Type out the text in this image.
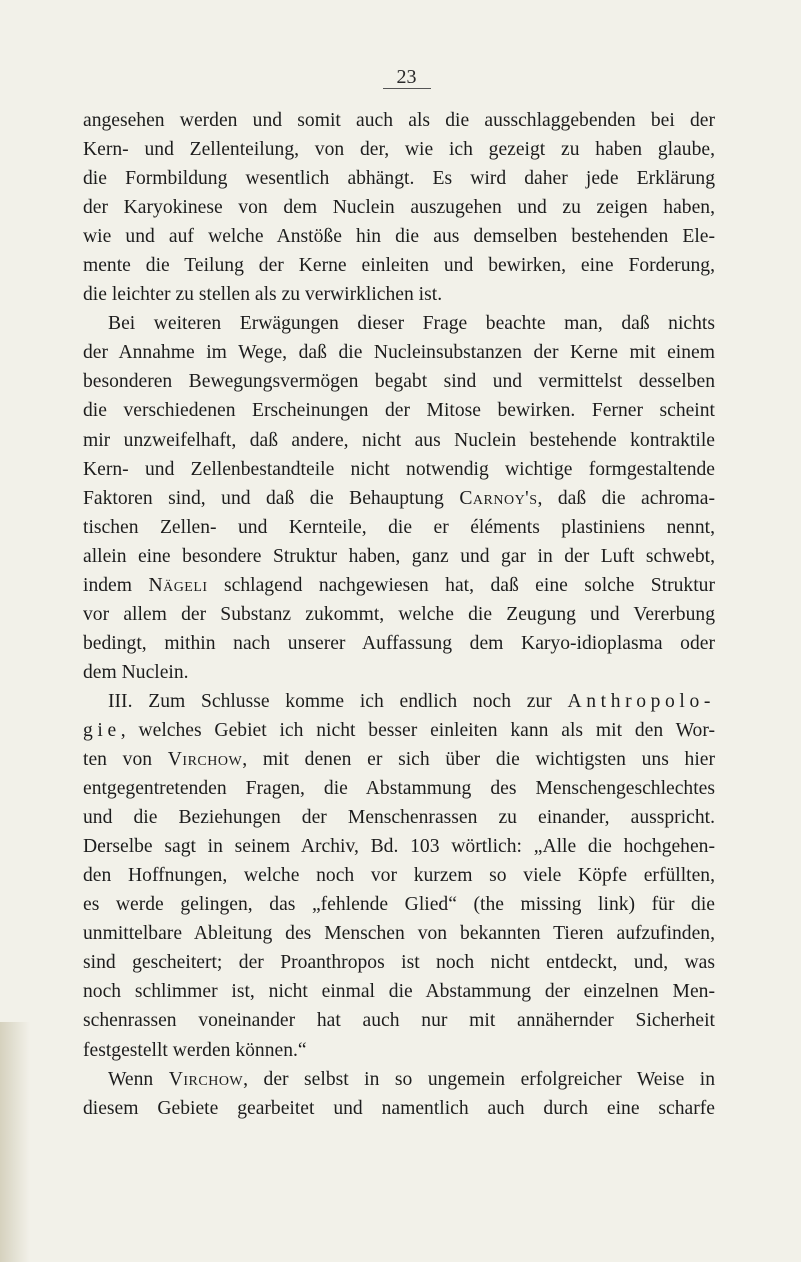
23
angesehen werden und somit auch als die ausschlaggebenden bei der
Kern- und Zellenteilung, von der, wie ich gezeigt zu haben glaube,
die Formbildung wesentlich abhängt. Es wird daher jede Erklärung
der Karyokinese von dem Nuclein auszugehen und zu zeigen haben,
wie und auf welche Anstöße hin die aus demselben bestehenden Ele-
mente die Teilung der Kerne einleiten und bewirken, eine Forderung,
die leichter zu stellen als zu verwirklichen ist.
Bei weiteren Erwägungen dieser Frage beachte man, daß nichts
der Annahme im Wege, daß die Nucleinsubstanzen der Kerne mit einem
besonderen Bewegungsvermögen begabt sind und vermittelst desselben
die verschiedenen Erscheinungen der Mitose bewirken. Ferner scheint
mir unzweifelhaft, daß andere, nicht aus Nuclein bestehende kontraktile
Kern- und Zellenbestandteile nicht notwendig wichtige formgestaltende
Faktoren sind, und daß die Behauptung Carnoy's, daß die achroma-
tischen Zellen- und Kernteile, die er éléments plastiniens nennt,
allein eine besondere Struktur haben, ganz und gar in der Luft schwebt,
indem Nägeli schlagend nachgewiesen hat, daß eine solche Struktur
vor allem der Substanz zukommt, welche die Zeugung und Vererbung
bedingt, mithin nach unserer Auffassung dem Karyo-idioplasma oder
dem Nuclein.
III. Zum Schlusse komme ich endlich noch zur Anthropolo-
gie, welches Gebiet ich nicht besser einleiten kann als mit den Wor-
ten von Virchow, mit denen er sich über die wichtigsten uns hier
entgegentretenden Fragen, die Abstammung des Menschengeschlechtes
und die Beziehungen der Menschenrassen zu einander, ausspricht.
Derselbe sagt in seinem Archiv, Bd. 103 wörtlich: „Alle die hochgehen-
den Hoffnungen, welche noch vor kurzem so viele Köpfe erfüllten,
es werde gelingen, das „fehlende Glied“ (the missing link) für die
unmittelbare Ableitung des Menschen von bekannten Tieren aufzufinden,
sind gescheitert; der Proanthropos ist noch nicht entdeckt, und, was
noch schlimmer ist, nicht einmal die Abstammung der einzelnen Men-
schenrassen voneinander hat auch nur mit annähernder Sicherheit
festgestellt werden können.“
Wenn Virchow, der selbst in so ungemein erfolgreicher Weise in
diesem Gebiete gearbeitet und namentlich auch durch eine scharfe
